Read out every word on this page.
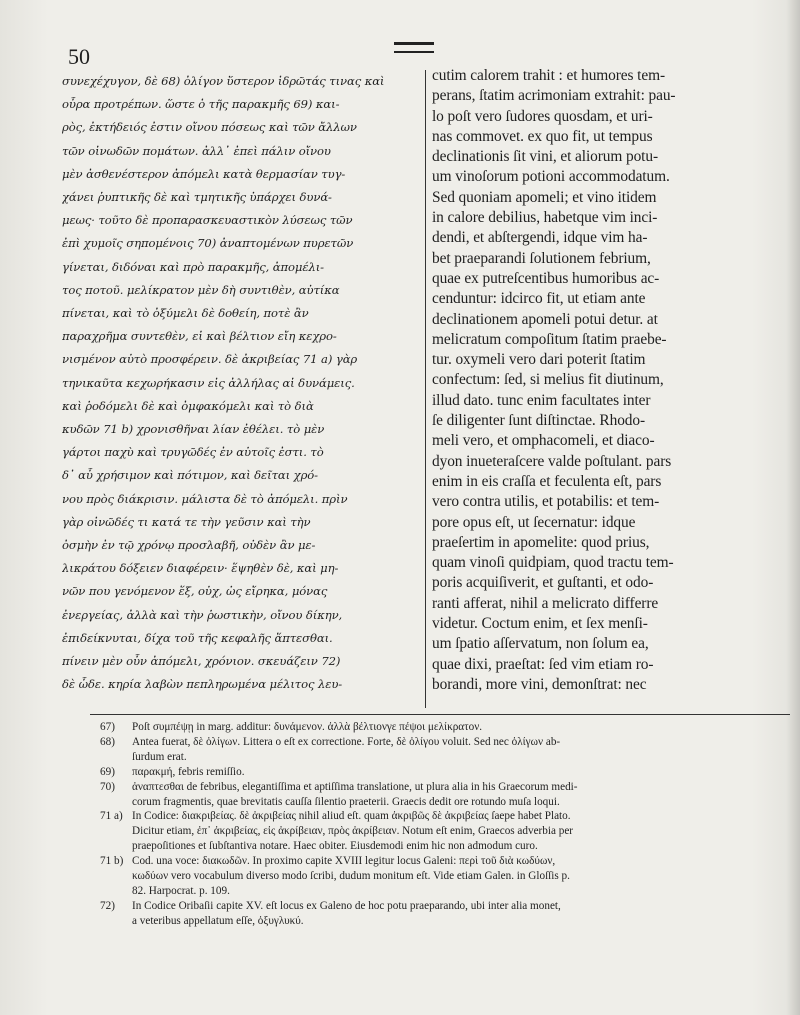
50
συνεχέχυγον, δὲ 68) ὀλίγον ὕστερον ἱδρῶτάς τινας καὶ
οὖρα προτρέπων. ὥστε ὁ τῆς παρακμῆς 69) και-
ρὸς, ἐκτήδειός ἐστιν οἴνου πόσεως καὶ τῶν ἄλλων
τῶν οἰνωδῶν πομάτων. ἀλλ᾽ ἐπεὶ πάλιν οἴνου
μὲν ἀσθενέστερον ἀπόμελι κατὰ θερμασίαν τυγ-
χάνει ῥυπτικῆς δὲ καὶ τμητικῆς ὑπάρχει δυνά-
μεως· τοῦτο δὲ προπαρασκευαστικὸν λύσεως τῶν
ἐπὶ χυμοῖς σηπομένοις 70) ἀναπτομένων πυρετῶν
γίνεται, διδόναι καὶ πρὸ παρακμῆς, ἀπομέλι-
τος ποτοῦ. μελίκρατον μὲν δὴ συντιθὲν, αὐτίκα
πίνεται, καὶ τὸ ὀξύμελι δὲ δοθείη, ποτὲ ἂν
παραχρῆμα συντεθὲν, εἰ καὶ βέλτιον εἴη κεχρο-
νισμένον αὐτὸ προσφέρειν. δὲ ἀκριβείας 71 a) γὰρ
τηνικαῦτα κεχωρήκασιν εἰς ἀλλήλας αἱ δυνάμεις.
καὶ ῥοδόμελι δὲ καὶ ὀμφακόμελι καὶ τὸ διὰ
κυδῶν 71 b) χρονισθῆναι λίαν ἐθέλει. τὸ μὲν
γάρτοι παχὺ καὶ τρυγῶδές ἐν αὐτοῖς ἐστι. τὸ
δ᾽ αὖ χρήσιμον καὶ πότιμον, καὶ δεῖται χρό-
νου πρὸς διάκρισιν. μάλιστα δὲ τὸ ἀπόμελι. πρὶν
γὰρ οἰνῶδές τι κατά τε τὴν γεῦσιν καὶ τὴν
ὀσμὴν ἐν τῷ χρόνῳ προσλαβῆ, οὐδὲν ἂν με-
λικράτου δόξειεν διαφέρειν· ἕψηθὲν δὲ, καὶ μη-
νῶν που γενόμενον ἕξ, οὐχ, ὡς εἴρηκα, μόνας
ἐνεργείας, ἀλλὰ καὶ τὴν ῥωστικὴν, οἴνου δίκην,
ἐπιδείκνυται, δίχα τοῦ τῆς κεφαλῆς ἅπτεσθαι.
πίνειν μὲν οὖν ἀπόμελι, χρόνιον. σκευάζειν 72)
δὲ ὧδε. κηρία λαβὼν πεπληρωμένα μέλιτος λευ-
cutim calorem trahit : et humores tem-
perans, ſtatim acrimoniam extrahit: pau-
lo poſt vero ſudores quosdam, et uri-
nas commovet. ex quo fit, ut tempus
declinationis ſit vini, et aliorum potu-
um vinoſorum potioni accommodatum.
Sed quoniam apomeli; et vino itidem
in calore debilius, habetque vim inci-
dendi, et abſtergendi, idque vim ha-
bet praeparandi ſolutionem febrium,
quae ex putreſcentibus humoribus ac-
cenduntur: idcirco fit, ut etiam ante
declinationem apomeli potui detur. at
melicratum compoſitum ſtatim praebe-
tur. oxymeli vero dari poterit ſtatim
confectum: ſed, si melius fit diutinum,
illud dato. tunc enim facultates inter
ſe diligenter ſunt diſtinctae. Rhodo-
meli vero, et omphacomeli, et diaco-
dyon inueteraſcere valde poſtulant. pars
enim in eis craſſa et feculenta eſt, pars
vero contra utilis, et potabilis: et tem-
pore opus eſt, ut ſecernatur: idque
praeſertim in apomelite: quod prius,
quam vinoſi quidpiam, quod tractu tem-
poris acquiſiverit, et guſtanti, et odo-
ranti afferat, nihil a melicrato differre
videtur. Coctum enim, et ſex menſi-
um ſpatio aſſervatum, non ſolum ea,
quae dixi, praeſtat: ſed vim etiam ro-
borandi, more vini, demonſtrat: nec
67)	Poſt συμπέψῃ in marg. additur: δυνάμενον. ἀλλὰ βέλτιονγε πέψοι μελίκρατον.
68)	Antea fuerat, δὲ ὀλίγων. Littera o eſt ex correctione. Forte, δὲ ὀλίγου voluit. Sed nec ὀλίγων ab-
ſurdum erat.
69)	παρακμή, febris remiſſio.
70)	ἀναπτεσθαι de febribus, elegantiſſima et aptiſſima translatione, ut plura alia in his Graecorum medi-
corum fragmentis, quae brevitatis cauſſa ſilentio praeterii. Graecis dedit ore rotundo muſa loqui.
71 a) In Codice: διακριβείας. δὲ ἀκριβείας nihil aliud eſt. quam ἀκριβῶς δὲ ἀκριβείας ſaepe habet Plato.
Dicitur etiam, ἐπ᾽ ἀκριβείας, εἰς ἀκρίβειαν, πρὸς ἀκρίβειαν. Notum eſt enim, Graecos adverbia per
praepoſitiones et ſubſtantiva notare. Haec obiter. Eiusdemodi enim hic non admodum curo.
71 b) Cod. una voce: διακωδῶν. In proximo capite XVIII legitur locus Galeni: περὶ τοῦ διὰ κωδύων,
κωδύων vero vocabulum diverso modo ſcribi, dudum monitum eſt. Vide etiam Galen. in Gloſſis p.
82. Harpocrat. p. 109.
72)	In Codice Oribaſii capite XV. eſt locus ex Galeno de hoc potu praeparando, ubi inter alia monet,
a veteribus appellatum eſſe, ὀξυγλυκύ.
